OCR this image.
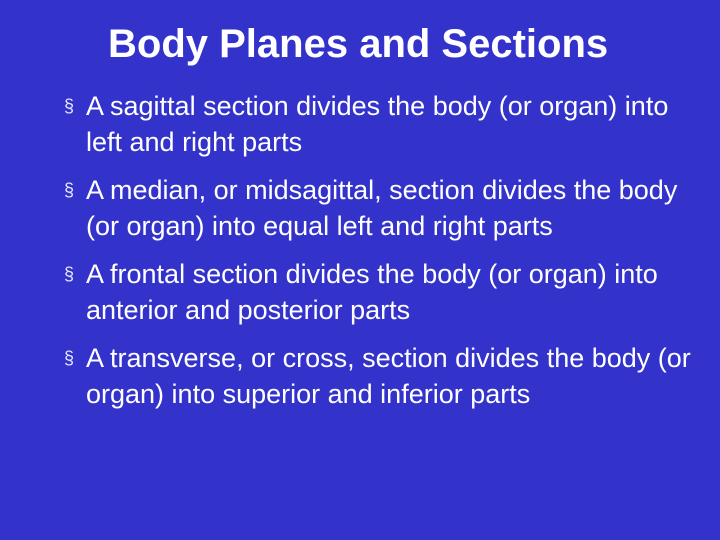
Body Planes and Sections
§ A sagittal section divides the body (or organ) into left and right parts
§ A median, or midsagittal, section divides the body (or organ) into equal left and right parts
§ A frontal section divides the body (or organ) into anterior and posterior parts
§ A transverse, or cross, section divides the body (or organ) into superior and inferior parts
